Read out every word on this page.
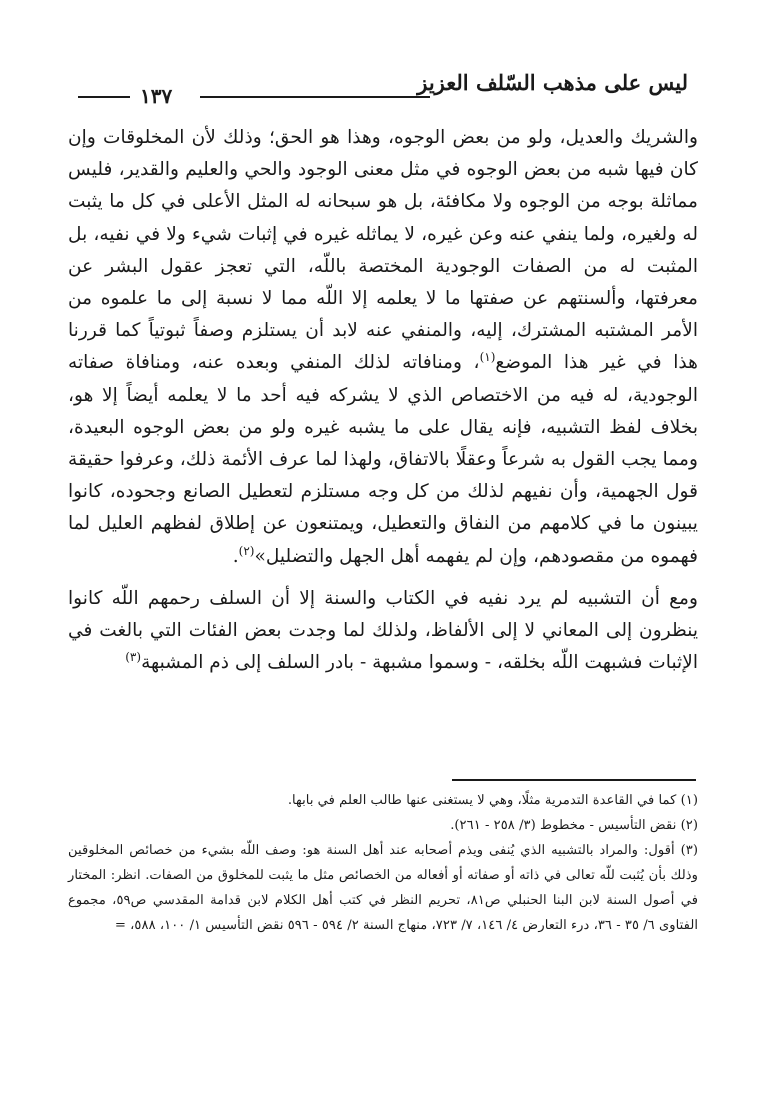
١٣٧
ليس على مذهب السّلف العزيز

والشريك والعديل، ولو من بعض الوجوه، وهذا هو الحق؛ وذلك لأن المخلوقات وإن كان فيها شبه من بعض الوجوه في مثل معنى الوجود والحي والعليم والقدير، فليس مماثلة بوجه من الوجوه ولا مكافئة، بل هو سبحانه له المثل الأعلى في كل ما يثبت له ولغيره، ولما ينفي عنه وعن غيره، لا يماثله غيره في إثبات شيء ولا في نفيه، بل المثبت له من الصفات الوجودية المختصة باللّه، التي تعجز عقول البشر عن معرفتها، وألسنتهم عن صفتها ما لا يعلمه إلا اللّه مما لا نسبة إلى ما علموه من الأمر المشتبه المشترك، إليه، والمنفي عنه لابد أن يستلزم وصفاً ثبوتياً كما قررنا هذا في غير هذا الموضع$^{(١)}$، ومنافاته لذلك المنفي وبعده عنه، ومنافاة صفاته الوجودية، له فيه من الاختصاص الذي لا يشركه فيه أحد ما لا يعلمه أيضاً إلا هو، بخلاف لفظ التشبيه، فإنه يقال على ما يشبه غيره ولو من بعض الوجوه البعيدة، ومما يجب القول به شرعاً وعقلًا بالاتفاق، ولهذا لما عرف الأئمة ذلك، وعرفوا حقيقة قول الجهمية، وأن نفيهم لذلك من كل وجه مستلزم لتعطيل الصانع وجحوده، كانوا يبينون ما في كلامهم من النفاق والتعطيل، ويمتنعون عن إطلاق لفظهم العليل لما فهموه من مقصودهم، وإن لم يفهمه أهل الجهل والتضليل»$^{(٢)}$.

ومع أن التشبيه لم يرد نفيه في الكتاب والسنة إلا أن السلف رحمهم اللّه كانوا ينظرون إلى المعاني لا إلى الألفاظ، ولذلك لما وجدت بعض الفئات التي بالغت في الإثبات فشبهت اللّه بخلقه، - وسموا مشبهة - بادر السلف إلى ذم المشبهة$^{(٣)}$

(١) كما في القاعدة التدمرية مثلًا، وهي لا يستغنى عنها طالب العلم في بابها.

(٢) نقض التأسيس - مخطوط (٣/ ٢٥٨ - ٢٦١).

(٣) أقول: والمراد بالتشبيه الذي يُنفى ويذم أصحابه عند أهل السنة هو: وصف اللّه بشيء من خصائص المخلوقين وذلك بأن يُثبت للّه تعالى في ذاته أو صفاته أو أفعاله من الخصائص مثل ما يثبت للمخلوق من الصفات. انظر: المختار في أصول السنة لابن البنا الحنبلي ص٨١، تحريم النظر في كتب أهل الكلام لابن قدامة المقدسي ص٥٩، مجموع الفتاوى ٦/ ٣٥ - ٣٦، درء التعارض ٤/ ١٤٦، ٧/ ٧٢٣، منهاج السنة ٢/ ٥٩٤ - ٥٩٦ نقض التأسيس ١/ ١٠٠، ٥٨٨، =
